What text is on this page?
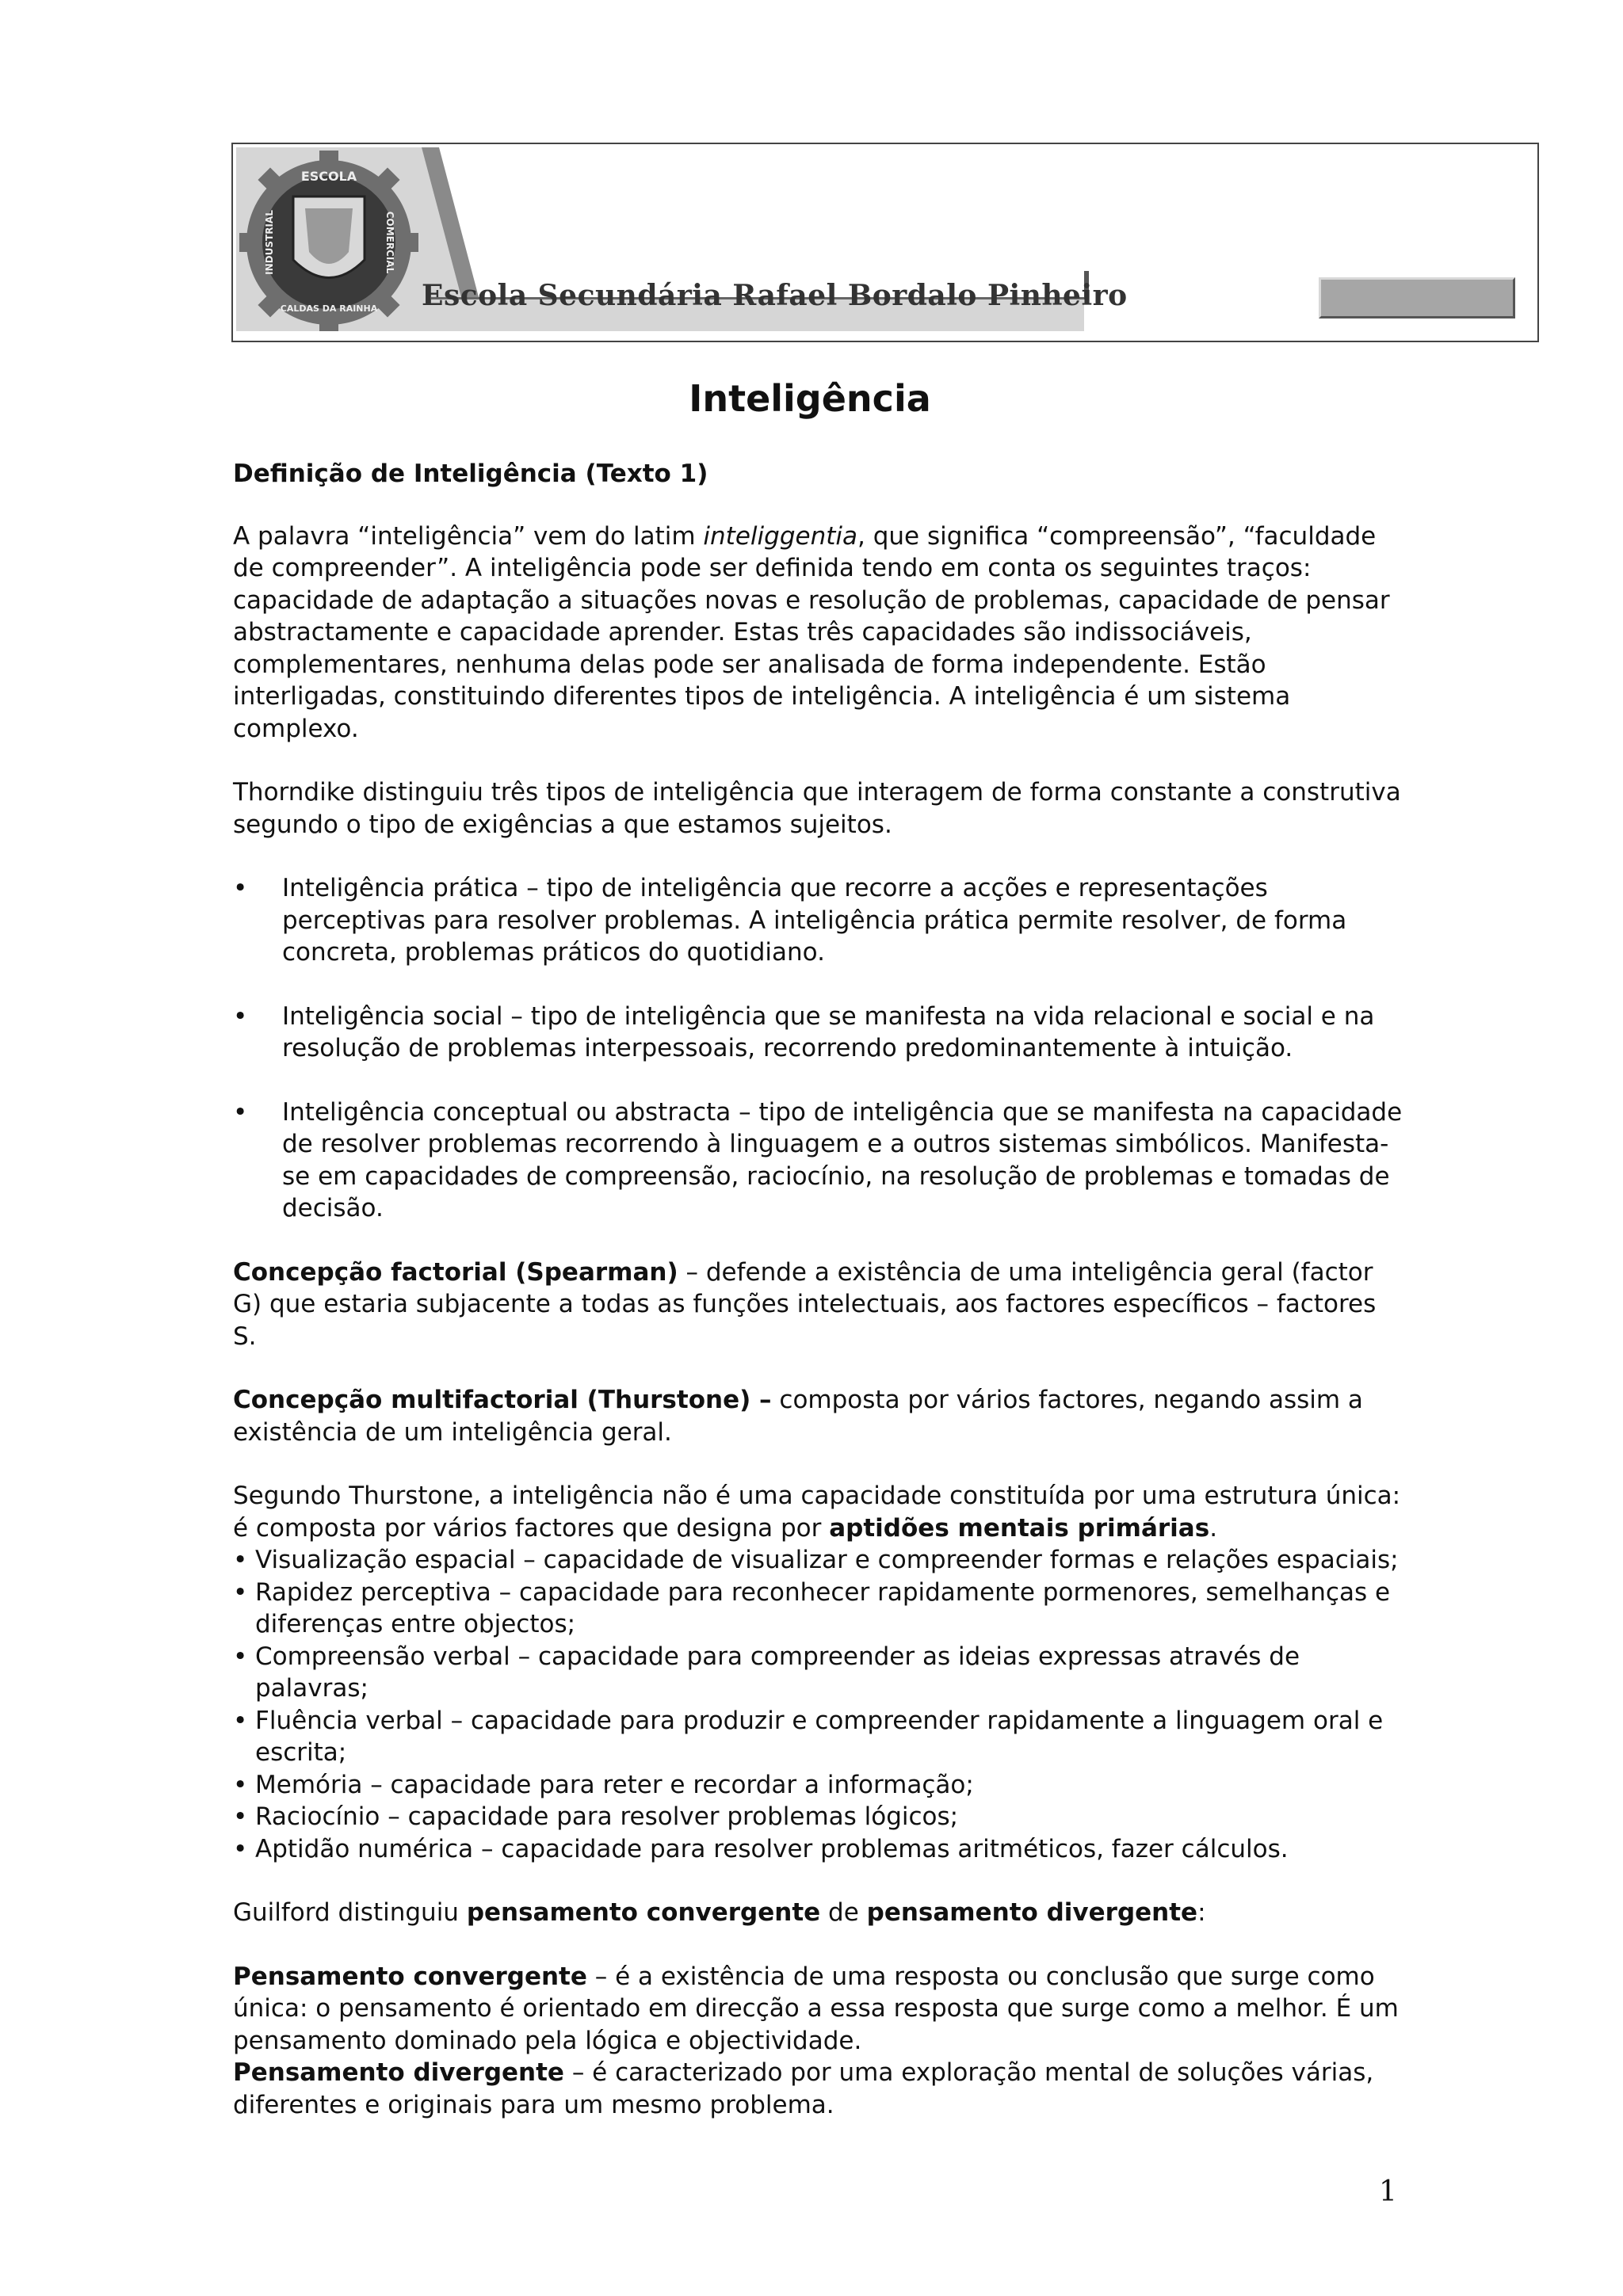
ESCOLA
CALDAS DA RAINHA
INDUSTRIAL	COMERCIAL
Escola Secundária Rafael Bordalo Pinheiro
Inteligência

Definição de Inteligência (Texto 1)

A palavra “inteligência” vem do latim inteliggentia, que significa “compreensão”, “faculdade de compreender”. A inteligência pode ser definida tendo em conta os seguintes traços: capacidade de adaptação a situações novas e resolução de problemas, capacidade de pensar abstractamente e capacidade aprender. Estas três capacidades são indissociáveis, complementares, nenhuma delas pode ser analisada de forma independente. Estão interligadas, constituindo diferentes tipos de inteligência. A inteligência é um sistema complexo.

Thorndike distinguiu três tipos de inteligência que interagem de forma constante a construtiva segundo o tipo de exigências a que estamos sujeitos.

• Inteligência prática – tipo de inteligência que recorre a acções e representações perceptivas para resolver problemas. A inteligência prática permite resolver, de forma concreta, problemas práticos do quotidiano.
• Inteligência social – tipo de inteligência que se manifesta na vida relacional e social e na resolução de problemas interpessoais, recorrendo predominantemente à intuição.
• Inteligência conceptual ou abstracta – tipo de inteligência que se manifesta na capacidade de resolver problemas recorrendo à linguagem e a outros sistemas simbólicos. Manifesta-se em capacidades de compreensão, raciocínio, na resolução de problemas e tomadas de decisão.

Concepção factorial (Spearman) – defende a existência de uma inteligência geral (factor G) que estaria subjacente a todas as funções intelectuais, aos factores específicos – factores S.

Concepção multifactorial (Thurstone) – composta por vários factores, negando assim a existência de um inteligência geral.

Segundo Thurstone, a inteligência não é uma capacidade constituída por uma estrutura única: é composta por vários factores que designa por aptidões mentais primárias.

• Visualização espacial – capacidade de visualizar e compreender formas e relações espaciais;
• Rapidez perceptiva – capacidade para reconhecer rapidamente pormenores, semelhanças e diferenças entre objectos;
• Compreensão verbal – capacidade para compreender as ideias expressas através de palavras;
• Fluência verbal – capacidade para produzir e compreender rapidamente a linguagem oral e escrita;
• Memória – capacidade para reter e recordar a informação;
• Raciocínio – capacidade para resolver problemas lógicos;
• Aptidão numérica – capacidade para resolver problemas aritméticos, fazer cálculos.

Guilford distinguiu pensamento convergente de pensamento divergente:

Pensamento convergente – é a existência de uma resposta ou conclusão que surge como única: o pensamento é orientado em direcção a essa resposta que surge como a melhor. É um pensamento dominado pela lógica e objectividade.

Pensamento divergente – é caracterizado por uma exploração mental de soluções várias, diferentes e originais para um mesmo problema.

1
